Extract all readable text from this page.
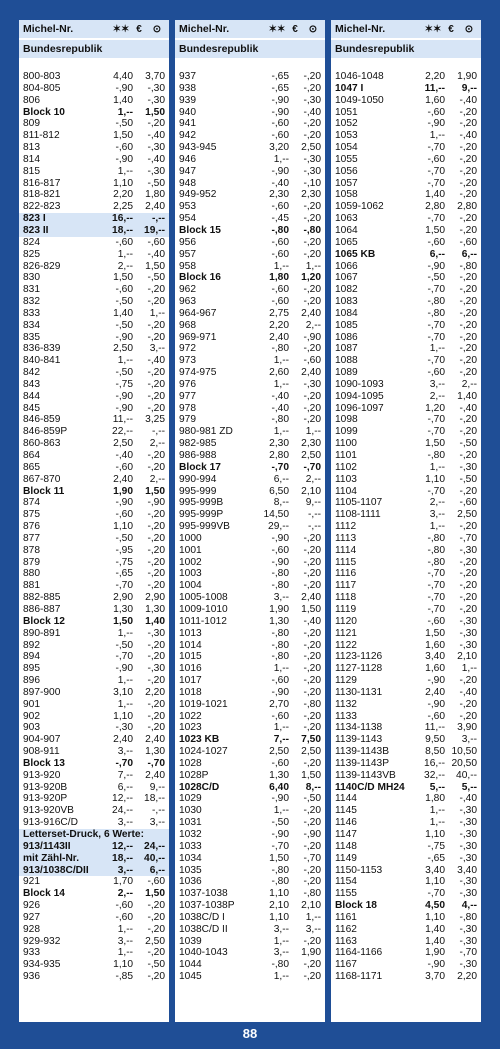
Michel-Nr.	✶✶ €	⊙
Bundesrepublik
800-803	4,40	3,70
804-805	-,90	-,30
806	1,40	-,30
Block 10	1,--	1,50
809	-,50	-,20
811-812	1,50	-,40
813	-,60	-,30
814	-,90	-,40
815	1,--	-,30
816-817	1,10	-,50
818-821	2,20	1,80
822-823	2,25	2,40
823 I	16,--	-,--
823 II	18,--	19,--
824	-,60	-,60
825	1,--	-,40
826-829	2,--	1,50
830	1,50	-,50
831	-,60	-,20
832	-,50	-,20
833	1,40	1,--
834	-,50	-,20
835	-,90	-,20
836-839	2,50	3,--
840-841	1,--	-,40
842	-,50	-,20
843	-,75	-,20
844	-,90	-,20
845	-,90	-,20
846-859	11,--	3,25
846-859P	22,--	-,--
860-863	2,50	2,--
864	-,40	-,20
865	-,60	-,20
867-870	2,40	2,--
Block 11	1,90	1,50
874	-,90	-,90
875	-,60	-,20
876	1,10	-,20
877	-,50	-,20
878	-,95	-,20
879	-,75	-,20
880	-,65	-,20
881	-,70	-,20
882-885	2,90	2,90
886-887	1,30	1,30
Block 12	1,50	1,40
890-891	1,--	-,30
892	-,50	-,20
894	-,70	-,20
895	-,90	-,30
896	1,--	-,20
897-900	3,10	2,20
901	1,--	-,20
902	1,10	-,20
903	-,30	-,20
904-907	2,40	2,40
908-911	3,--	1,30
Block 13	-,70	-,70
913-920	7,--	2,40
913-920B	6,--	9,--
913-920P	12,--	18,--
913-920VB	24,--	-,--
913-916C/D	3,--	3,--
Letterset-Druck, 6 Werte:
913/1143II	12,--	24,--
mit Zähl-Nr.	18,--	40,--
913/1038C/DII	3,--	6,--
921	1,70	-,60
Block 14	2,--	1,50
926	-,60	-,20
927	-,60	-,20
928	1,--	-,20
929-932	3,--	2,50
933	1,--	-,20
934-935	1,10	-,50
936	-,85	-,20
Michel-Nr.	✶✶ €	⊙
Bundesrepublik
937	-,65	-,20
938	-,65	-,20
939	-,90	-,30
940	-,90	-,40
941	-,60	-,20
942	-,60	-,20
943-945	3,20	2,50
946	1,--	-,30
947	-,90	-,30
948	-,40	-,10
949-952	2,30	2,30
953	-,60	-,20
954	-,45	-,20
Block 15	-,80	-,80
956	-,60	-,20
957	-,60	-,20
958	1,--	1,--
Block 16	1,80	1,20
962	-,60	-,20
963	-,60	-,20
964-967	2,75	2,40
968	2,20	2,--
969-971	2,40	-,90
972	-,80	-,20
973	1,--	-,60
974-975	2,60	2,40
976	1,--	-,30
977	-,40	-,20
978	-,40	-,20
979	-,80	-,20
980-981 ZD	1,--	1,--
982-985	2,30	2,30
986-988	2,80	2,50
Block 17	-,70	-,70
990-994	6,--	2,--
995-999	6,50	2,10
995-999B	8,--	9,--
995-999P	14,50	-,--
995-999VB	29,--	-,--
1000	-,90	-,20
1001	-,60	-,20
1002	-,90	-,20
1003	-,80	-,20
1004	-,80	-,20
1005-1008	3,--	2,40
1009-1010	1,90	1,50
1011-1012	1,30	-,40
1013	-,80	-,20
1014	-,80	-,20
1015	-,80	-,20
1016	1,--	-,20
1017	-,60	-,20
1018	-,90	-,20
1019-1021	2,70	-,80
1022	-,60	-,20
1023	1,--	-,20
1023 KB	7,--	7,50
1024-1027	2,50	2,50
1028	-,60	-,20
1028P	1,30	1,50
1028C/D	6,40	8,--
1029	-,90	-,50
1030	1,--	-,20
1031	-,50	-,20
1032	-,90	-,90
1033	-,70	-,20
1034	1,50	-,70
1035	-,80	-,20
1036	-,80	-,20
1037-1038	1,10	-,80
1037-1038P	2,10	2,10
1038C/D I	1,10	1,--
1038C/D II	3,--	3,--
1039	1,--	-,20
1040-1043	3,--	1,90
1044	-,80	-,20
1045	1,--	-,20
Michel-Nr.	✶✶ €	⊙
Bundesrepublik
1046-1048	2,20	1,90
1047 I	11,--	9,--
1049-1050	1,60	-,40
1051	-,60	-,20
1052	-,90	-,20
1053	1,--	-,40
1054	-,70	-,20
1055	-,60	-,20
1056	-,70	-,20
1057	-,70	-,20
1058	1,40	-,20
1059-1062	2,80	2,80
1063	-,70	-,20
1064	1,50	-,20
1065	-,60	-,60
1065 KB	6,--	6,--
1066	-,90	-,80
1067	-,50	-,20
1082	-,70	-,20
1083	-,80	-,20
1084	-,80	-,20
1085	-,70	-,20
1086	-,70	-,20
1087	1,--	-,20
1088	-,70	-,20
1089	-,60	-,20
1090-1093	3,--	2,--
1094-1095	2,--	1,40
1096-1097	1,20	-,40
1098	-,70	-,20
1099	-,70	-,20
1100	1,50	-,50
1101	-,80	-,20
1102	1,--	-,30
1103	1,10	-,50
1104	-,70	-,20
1105-1107	2,--	-,60
1108-1111	3,--	2,50
1112	1,--	-,20
1113	-,80	-,70
1114	-,80	-,30
1115	-,80	-,20
1116	-,70	-,20
1117	-,70	-,20
1118	-,70	-,20
1119	-,70	-,20
1120	-,60	-,30
1121	1,50	-,30
1122	1,60	-,30
1123-1126	3,40	2,10
1127-1128	1,60	1,--
1129	-,90	-,20
1130-1131	2,40	-,40
1132	-,90	-,20
1133	-,60	-,20
1134-1138	11,--	3,90
1139-1143	9,50	3,--
1139-1143B	8,50 10,50
1139-1143P	16,-- 20,50
1139-1143VB	32,--	40,--
1140C/D MH24	5,--	5,--
1144	1,80	-,40
1145	1,--	-,30
1146	1,--	-,30
1147	1,10	-,30
1148	-,75	-,30
1149	-,65	-,30
1150-1153	3,40	3,40
1154	1,10	-,30
1155	-,70	-,30
Block 18	4,50	4,--
1161	1,10	-,80
1162	1,40	-,30
1163	1,40	-,30
1164-1166	1,90	-,70
1167	-,90	-,30
1168-1171	3,70	2,20
88
